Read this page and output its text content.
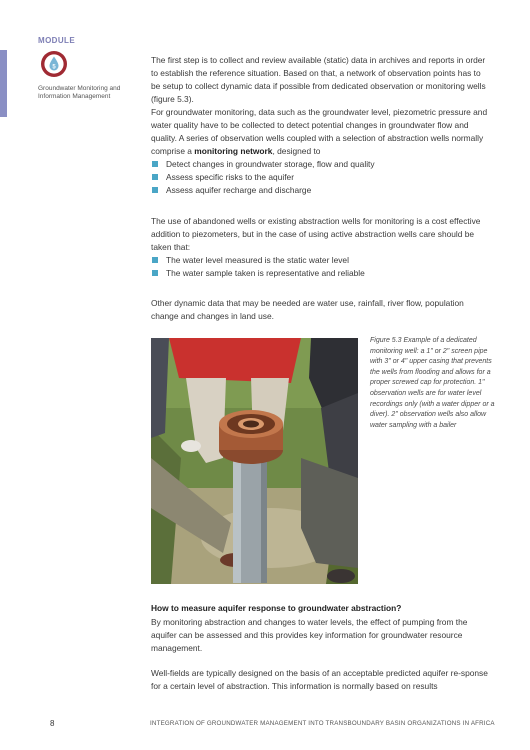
MODULE
5
Groundwater Monitoring and Information Management

The first step is to collect and review available (static) data in archives and reports in order to establish the reference situation. Based on that, a network of observation points has to be setup to collect dynamic data if possible from dedicated observation or monitoring wells (figure 5.3).

For groundwater monitoring, data such as the groundwater level, piezometric pressure and water quality have to be collected to detect potential changes in groundwater flow and quality. A series of observation wells coupled with a selection of abstraction wells normally comprise a monitoring network, designed to

Detect changes in groundwater storage, flow and quality
Assess specific risks to the aquifer
Assess aquifer recharge and discharge

The use of abandoned wells or existing abstraction wells for monitoring is a cost effective addition to piezometers, but in the case of using active abstraction wells care should be taken that:

The water level measured is the static water level
The water sample taken is representative and reliable

Other dynamic data that may be needed are water use, rainfall, river flow, population change and changes in land use.

Figure 5.3 Example of a dedicated monitoring well: a 1" or 2" screen pipe with 3" or 4" upper casing that prevents the wells from flooding and allows for a proper screwed cap for protection. 1" observation wells are for water level recordings only (with a water dipper or a diver). 2" observation wells also allow water sampling with a bailer
How to measure aquifer response to groundwater abstraction?

By monitoring abstraction and changes to water levels, the effect of pumping from the aquifer can be assessed and this provides key information for groundwater resource management.

Well-fields are typically designed on the basis of an acceptable predicted aquifer re-sponse for a certain level of abstraction. This information is normally based on results

8	INTEGRATION OF GROUNDWATER MANAGEMENT INTO TRANSBOUNDARY BASIN ORGANIZATIONS IN AFRICA
